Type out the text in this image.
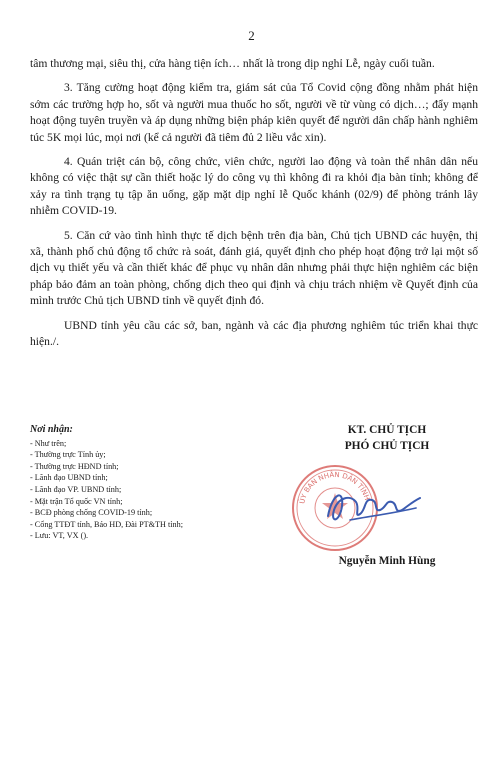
2

tâm thương mại, siêu thị, cửa hàng tiện ích… nhất là trong dịp nghỉ Lễ, ngày cuối tuần.

3. Tăng cường hoạt động kiểm tra, giám sát của Tổ Covid cộng đồng nhằm phát hiện sớm các trường hợp ho, sốt và người mua thuốc ho sốt, người về từ vùng có dịch…; đẩy mạnh hoạt động tuyên truyền và áp dụng những biện pháp kiên quyết để người dân chấp hành nghiêm túc 5K mọi lúc, mọi nơi (kể cả người đã tiêm đủ 2 liều vắc xin).

4. Quán triệt cán bộ, công chức, viên chức, người lao động và toàn thể nhân dân nếu không có việc thật sự cần thiết hoặc lý do công vụ thì không đi ra khỏi địa bàn tỉnh; không để xảy ra tình trạng tụ tập ăn uống, gặp mặt dịp nghỉ lễ Quốc khánh (02/9) để phòng tránh lây nhiễm COVID-19.

5. Căn cứ vào tình hình thực tế dịch bệnh trên địa bàn, Chủ tịch UBND các huyện, thị xã, thành phố chủ động tổ chức rà soát, đánh giá, quyết định cho phép hoạt động trở lại một số dịch vụ thiết yếu và cần thiết khác để phục vụ nhân dân nhưng phải thực hiện nghiêm các biện pháp bảo đảm an toàn phòng, chống dịch theo qui định và chịu trách nhiệm về Quyết định của mình trước Chủ tịch UBND tỉnh về quyết định đó.

UBND tỉnh yêu cầu các sở, ban, ngành và các địa phương nghiêm túc triển khai thực hiện./.

Nơi nhận:
- Như trên;
- Thường trực Tỉnh ủy;
- Thường trực HĐND tỉnh;
- Lãnh đạo UBND tỉnh;
- Lãnh đạo VP. UBND tỉnh;
- Mặt trận Tổ quốc VN tỉnh;
- BCĐ phòng chống COVID-19 tỉnh;
- Cổng TTĐT tỉnh, Báo HD, Đài PT&TH tỉnh;
- Lưu: VT, VX ().
KT. CHỦ TỊCH
PHÓ CHỦ TỊCH
ỦY BAN NHÂN DÂN TỈNH
Nguyễn Minh Hùng
